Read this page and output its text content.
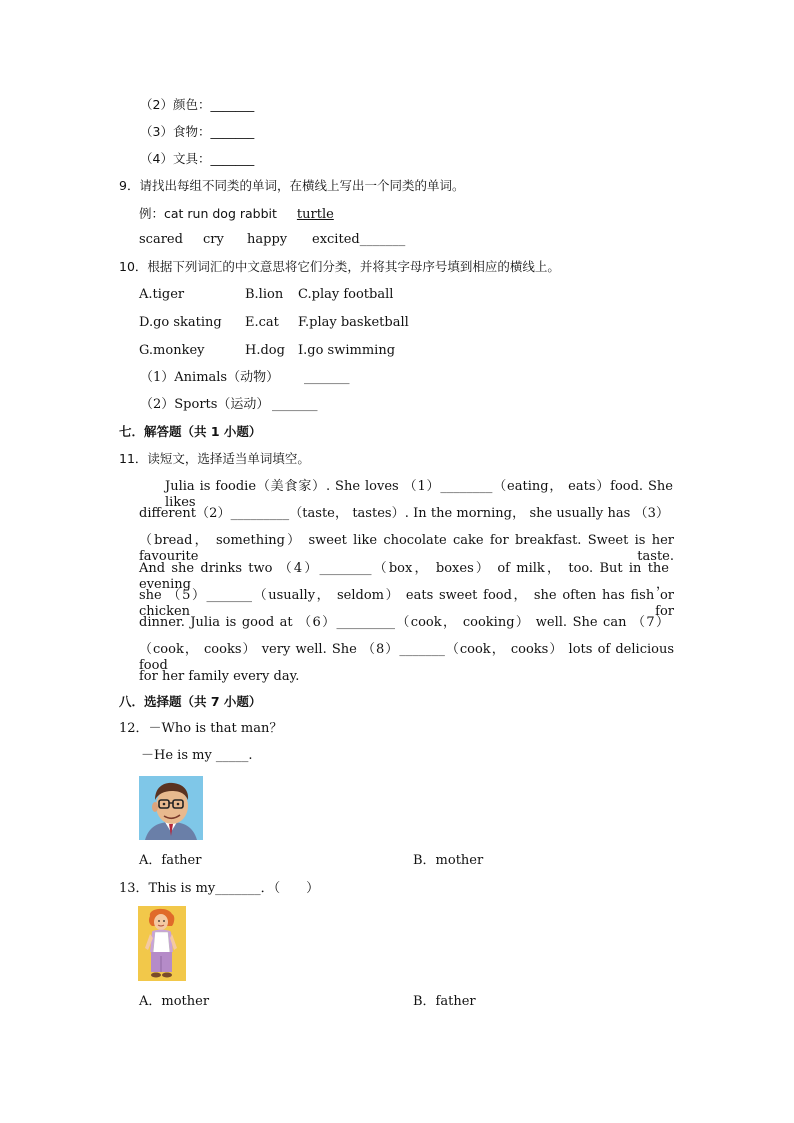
（2）颜色：_______
（3）食物：_______
（4）文具：_______
9．请找出每组不同类的单词，在横线上写出一个同类的单词。
例：cat run dog rabbit turtle
scared cry happy excited_______
10．根据下列词汇的中文意思将它们分类，并将其字母序号填到相应的横线上。
A.tiger	B.lion C.play football
D.go skating E.cat F.play basketball
G.monkey	H.dog I.go swimming
（1）Animals（动物） _______
（2）Sports（运动） _______
七．解答题（共 1 小题）
11．读短文，选择适当单词填空。
Julia is foodie（美食家）. She loves （1）________（eating， eats）food. She likes
different（2）_________（taste， tastes）. In the morning， she usually has （3）
（bread， something） sweet like chocolate cake for breakfast. Sweet is her favourite taste.
And she drinks two （4）________（box， boxes） of milk， too. But in the evening，
she （5）_______（usually， seldom） eats sweet food， she often has fish or chicken for
dinner. Julia is good at （6）_________（cook， cooking） well. She can （7）
（cook， cooks） very well. She （8）_______（cook， cooks） lots of delicious food
for her family every day.
八．选择题（共 7 小题）
12．－Who is that man？
－He is my _____.
A．father	B．mother
13．This is my_______．（　　）
A．mother	B．father
